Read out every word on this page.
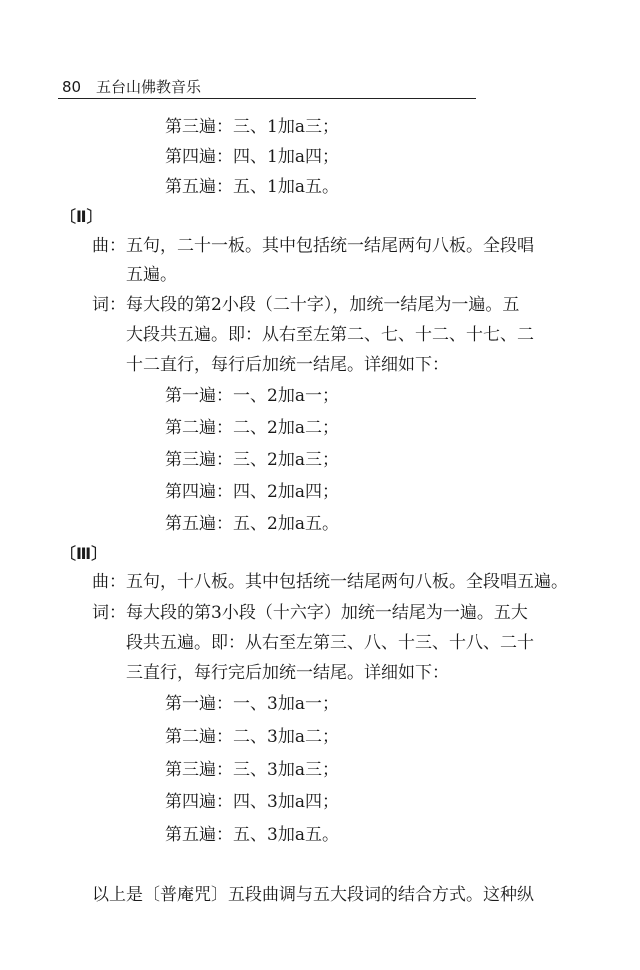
80 五台山佛教音乐
第三遍：三、1加a三；
第四遍：四、1加a四；
第五遍：五、1加a五。
〔Ⅱ〕
曲：五句，二十一板。其中包括统一结尾两句八板。全段唱
五遍。
词：每大段的第2小段（二十字），加统一结尾为一遍。五
大段共五遍。即：从右至左第二、七、十二、十七、二
十二直行，每行后加统一结尾。详细如下：
第一遍：一、2加a一；
第二遍：二、2加a二；
第三遍：三、2加a三；
第四遍：四、2加a四；
第五遍：五、2加a五。
〔Ⅲ〕
曲：五句，十八板。其中包括统一结尾两句八板。全段唱五遍。
词：每大段的第3小段（十六字）加统一结尾为一遍。五大
段共五遍。即：从右至左第三、八、十三、十八、二十
三直行，每行完后加统一结尾。详细如下：
第一遍：一、3加a一；
第二遍：二、3加a二；
第三遍：三、3加a三；
第四遍：四、3加a四；
第五遍：五、3加a五。
以上是〔普庵咒〕五段曲调与五大段词的结合方式。这种纵
